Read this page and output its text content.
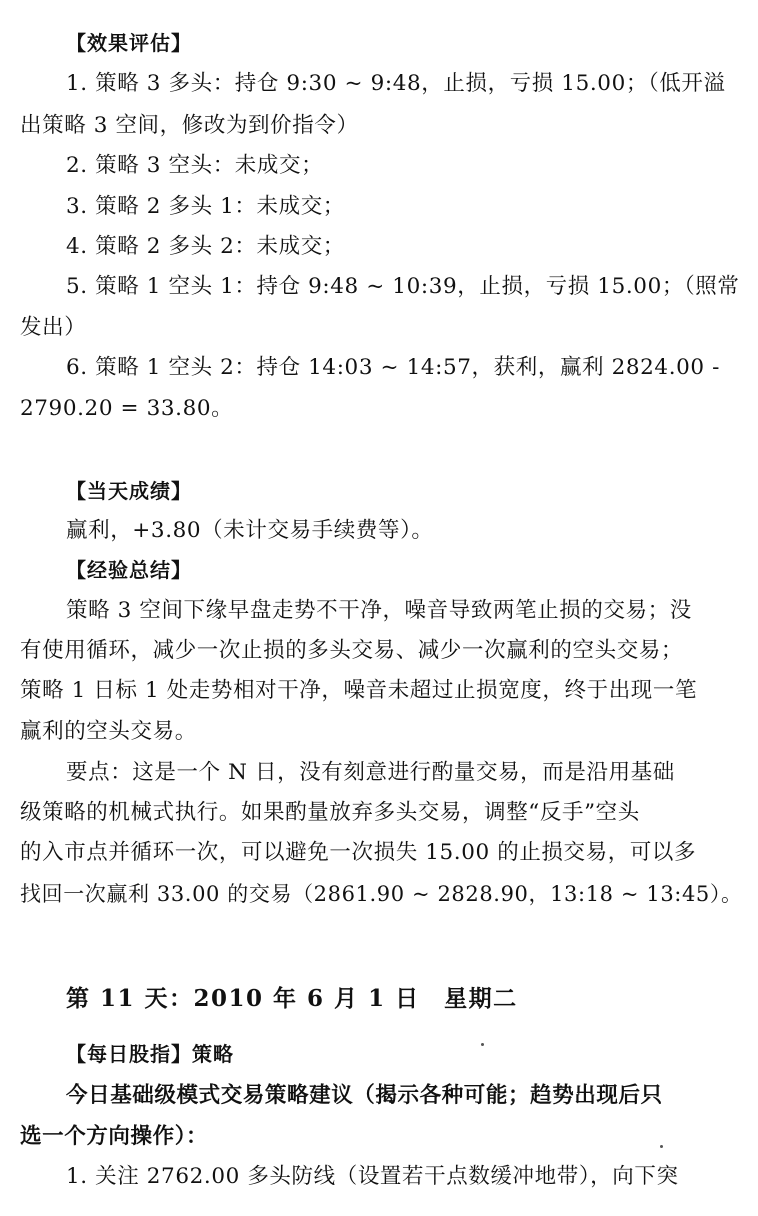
【效果评估】
1. 策略 3 多头：持仓 9:30 ~ 9:48，止损，亏损 15.00；（低开溢
出策略 3 空间，修改为到价指令）
2. 策略 3 空头：未成交；
3. 策略 2 多头 1：未成交；
4. 策略 2 多头 2：未成交；
5. 策略 1 空头 1：持仓 9:48 ~ 10:39，止损，亏损 15.00；（照常
发出）
6. 策略 1 空头 2：持仓 14:03 ~ 14:57，获利，赢利 2824.00 -
2790.20 = 33.80。
【当天成绩】
赢利，+3.80（未计交易手续费等）。
【经验总结】
策略 3 空间下缘早盘走势不干净，噪音导致两笔止损的交易；没
有使用循环，减少一次止损的多头交易、减少一次赢利的空头交易；
策略 1 日标 1 处走势相对干净，噪音未超过止损宽度，终于出现一笔
赢利的空头交易。
要点：这是一个 N 日，没有刻意进行酌量交易，而是沿用基础
级策略的机械式执行。如果酌量放弃多头交易，调整“反手”空头
的入市点并循环一次，可以避免一次损失 15.00 的止损交易，可以多
找回一次赢利 33.00 的交易（2861.90 ~ 2828.90，13:18 ~ 13:45）。
第 11 天：2010 年 6 月 1 日　星期二
【每日股指】策略
今日基础级模式交易策略建议（揭示各种可能；趋势出现后只
选一个方向操作）：
1. 关注 2762.00 多头防线（设置若干点数缓冲地带），向下突
